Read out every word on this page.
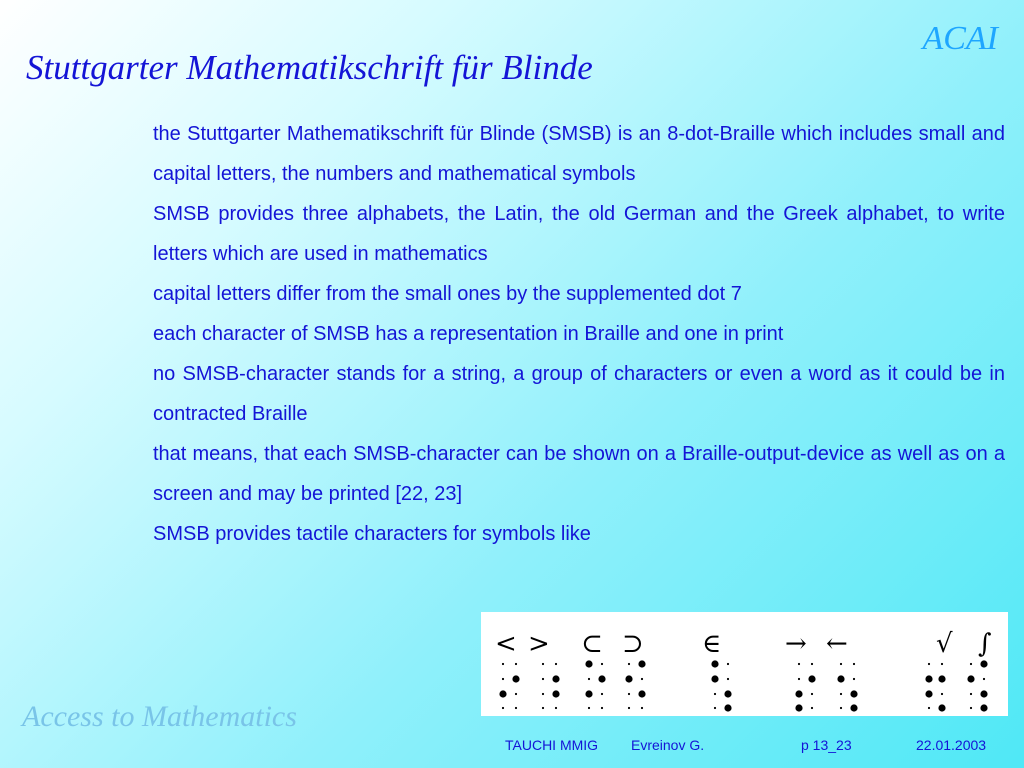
ACAI
Stuttgarter Mathematikschrift für Blinde

the Stuttgarter Mathematikschrift für Blinde (SMSB) is an 8-dot-Braille which includes small and capital letters, the numbers and mathematical symbols

SMSB provides three alphabets, the Latin, the old German and the Greek alphabet, to write letters which are used in mathematics

capital letters differ from the small ones by the supplemented dot 7

each character of SMSB has a representation in Braille and one in print

no SMSB-character stands for a string, a group of characters or even a word as it could be in contracted Braille

that means, that each SMSB-character can be shown on a Braille-output-device as well as on a screen and may be printed [22, 23]

SMSB provides tactile characters for symbols like

< > ⊂ ⊃ ∈ → ←	√ ∫
Access to Mathematics
TAUCHI MMIG Evreinov G.	p 13_23	22.01.2003
